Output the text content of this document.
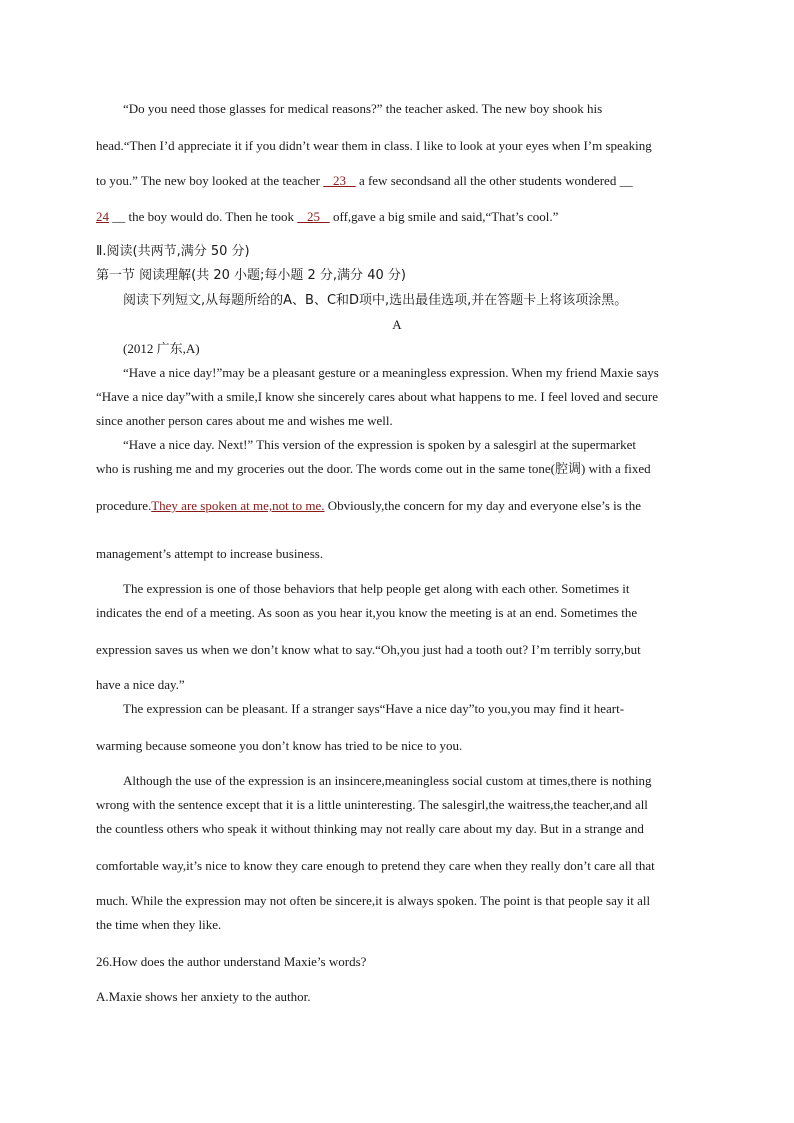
“Do you need those glasses for medical reasons?” the teacher asked. The new boy shook his
head.“Then I’d appreciate it if you didn’t wear them in class. I like to look at your eyes when I’m speaking
to you.” The new boy looked at the teacher    23    a few secondsand all the other students wondered __
24 __ the boy would do. Then he took    25    off,gave a big smile and said,“That’s cool.”
Ⅱ.阅读(共两节,满分 50 分)
第一节 阅读理解(共 20 小题;每小题 2 分,满分 40 分)
阅读下列短文,从每题所给的A、B、C和D项中,选出最佳选项,并在答题卡上将该项涂黑。
A
(2012 广东,A)
“Have a nice day!”may be a pleasant gesture or a meaningless expression. When my friend Maxie says
“Have a nice day”with a smile,I know she sincerely cares about what happens to me. I feel loved and secure
since another person cares about me and wishes me well.
“Have a nice day. Next!” This version of the expression is spoken by a salesgirl at the supermarket
who is rushing me and my groceries out the door. The words come out in the same tone(腔调) with a fixed
procedure.They are spoken at me,not to me. Obviously,the concern for my day and everyone else’s is the
management’s attempt to increase business.
The expression is one of those behaviors that help people get along with each other. Sometimes it
indicates the end of a meeting. As soon as you hear it,you know the meeting is at an end. Sometimes the
expression saves us when we don’t know what to say.“Oh,you just had a tooth out? I’m terribly sorry,but
have a nice day.”
The expression can be pleasant. If a stranger says“Have a nice day”to you,you may find it heart-
warming because someone you don’t know has tried to be nice to you.
Although the use of the expression is an insincere,meaningless social custom at times,there is nothing
wrong with the sentence except that it is a little uninteresting. The salesgirl,the waitress,the teacher,and all
the countless others who speak it without thinking may not really care about my day. But in a strange and
comfortable way,it’s nice to know they care enough to pretend they care when they really don’t care all that
much. While the expression may not often be sincere,it is always spoken. The point is that people say it all
the time when they like.
26.How does the author understand Maxie’s words?
A.Maxie shows her anxiety to the author.
